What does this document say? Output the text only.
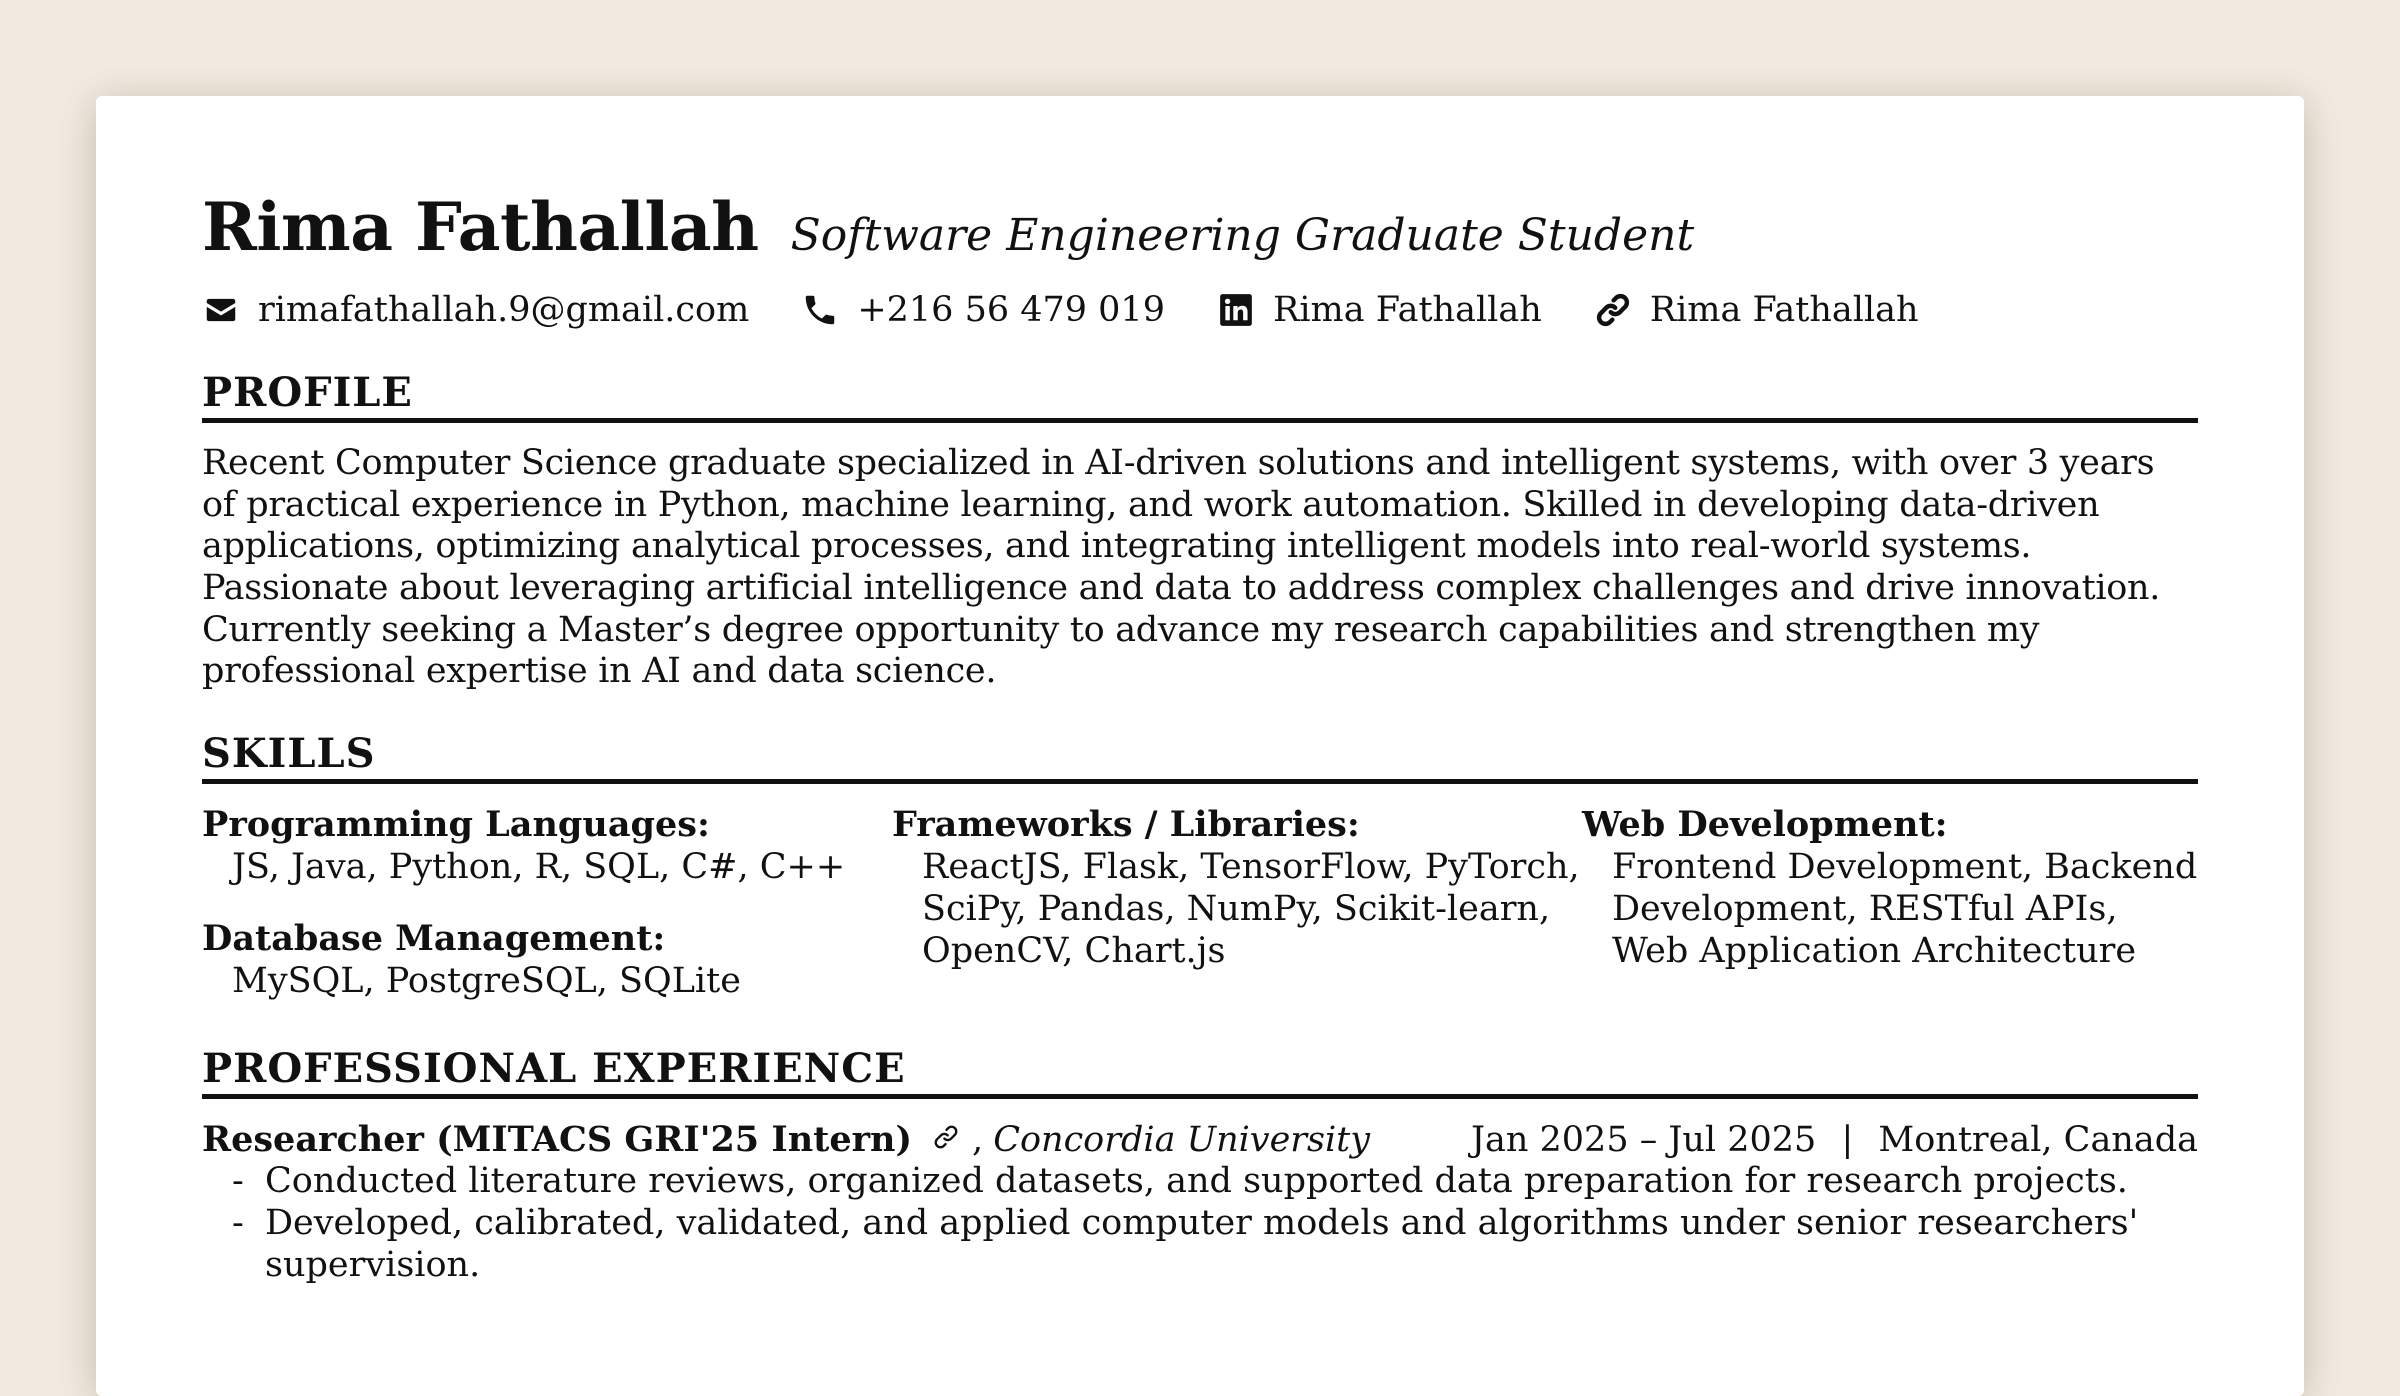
Rima Fathallah Software Engineering Graduate Student
rimafathallah.9@gmail.com	+216 56 479 019	Rima Fathallah	Rima Fathallah
PROFILE

Recent Computer Science graduate specialized in AI-driven solutions and intelligent systems, with over 3 years of practical experience in Python, machine learning, and work automation. Skilled in developing data-driven applications, optimizing analytical processes, and integrating intelligent models into real-world systems. Passionate about leveraging artificial intelligence and data to address complex challenges and drive innovation. Currently seeking a Master’s degree opportunity to advance my research capabilities and strengthen my professional expertise in AI and data science.

SKILLS
Programming Languages:
JS, Java, Python, R, SQL, C#, C++
Database Management:
MySQL, PostgreSQL, SQLite
Frameworks / Libraries:
ReactJS, Flask, TensorFlow, PyTorch, SciPy, Pandas, NumPy, Scikit-learn, OpenCV, Chart.js
Web Development:
Frontend Development, Backend Development, RESTful APIs, Web Application Architecture
PROFESSIONAL EXPERIENCE
Researcher (MITACS GRI'25 Intern) , Concordia University	Jan 2025 – Jul 2025 | Montreal, Canada
- Conducted literature reviews, organized datasets, and supported data preparation for research projects.
- Developed, calibrated, validated, and applied computer models and algorithms under senior researchers' supervision.
